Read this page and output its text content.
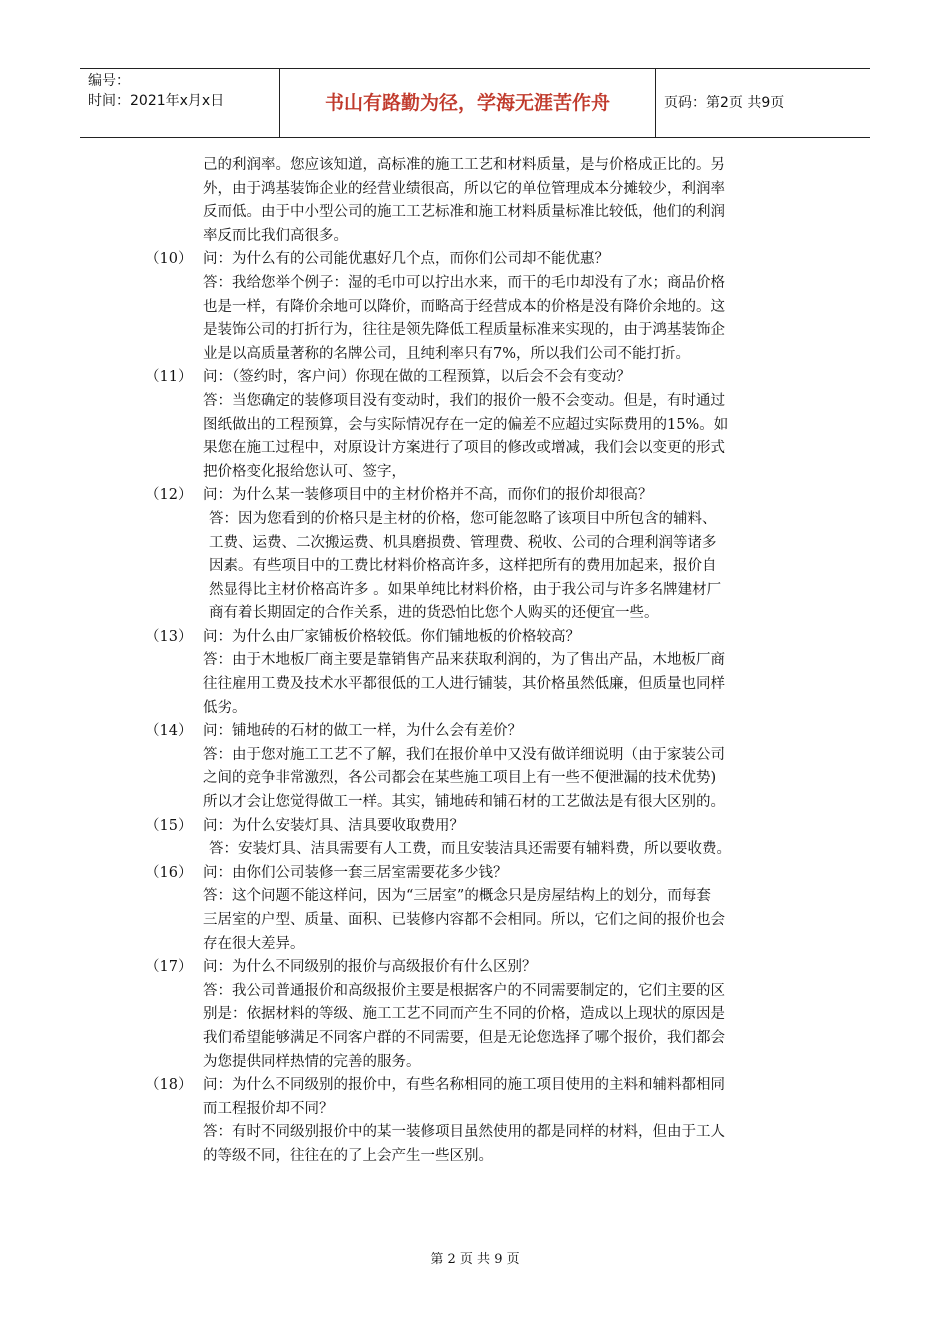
编号：
时间：2021年x月x日	书山有路勤为径，学海无涯苦作舟	页码：第2页 共9页

己的利润率。您应该知道，高标准的施工工艺和材料质量，是与价格成正比的。另

外，由于鸿基装饰企业的经营业绩很高，所以它的单位管理成本分摊较少，利润率

反而低。由于中小型公司的施工工艺标准和施工材料质量标准比较低，他们的利润

率反而比我们高很多。

（10） 问：为什么有的公司能优惠好几个点，而你们公司却不能优惠？

答：我给您举个例子：湿的毛巾可以拧出水来，而干的毛巾却没有了水；商品价格

也是一样，有降价余地可以降价，而略高于经营成本的价格是没有降价余地的。这

是装饰公司的打折行为，往往是领先降低工程质量标准来实现的，由于鸿基装饰企

业是以高质量著称的名牌公司，且纯利率只有7%，所以我们公司不能打折。

（11） 问：（签约时，客户问）你现在做的工程预算，以后会不会有变动？

答：当您确定的装修项目没有变动时，我们的报价一般不会变动。但是，有时通过

图纸做出的工程预算，会与实际情况存在一定的偏差不应超过实际费用的15%。如

果您在施工过程中，对原设计方案进行了项目的修改或增减，我们会以变更的形式

把价格变化报给您认可、签字，

（12） 问：为什么某一装修项目中的主材价格并不高，而你们的报价却很高？

答：因为您看到的价格只是主材的价格，您可能忽略了该项目中所包含的辅料、

工费、运费、二次搬运费、机具磨损费、管理费、税收、公司的合理利润等诸多

因素。有些项目中的工费比材料价格高许多，这样把所有的费用加起来，报价自

然显得比主材价格高许多 。如果单纯比材料价格，由于我公司与许多名牌建材厂

商有着长期固定的合作关系，进的货恐怕比您个人购买的还便宜一些。

（13） 问：为什么由厂家铺板价格较低。你们铺地板的价格较高？

答：由于木地板厂商主要是靠销售产品来获取利润的，为了售出产品，木地板厂商

往往雇用工费及技术水平都很低的工人进行铺装，其价格虽然低廉，但质量也同样

低劣。

（14） 问：铺地砖的石材的做工一样，为什么会有差价？

答：由于您对施工工艺不了解，我们在报价单中又没有做详细说明（由于家装公司

之间的竞争非常激烈，各公司都会在某些施工项目上有一些不便泄漏的技术优势)

所以才会让您觉得做工一样。其实，铺地砖和铺石材的工艺做法是有很大区别的。

（15） 问：为什么安装灯具、洁具要收取费用？

答：安装灯具、洁具需要有人工费，而且安装洁具还需要有辅料费，所以要收费。

（16） 问：由你们公司装修一套三居室需要花多少钱？

答：这个问题不能这样问，因为“三居室”的概念只是房屋结构上的划分，而每套

三居室的户型、质量、面积、已装修内容都不会相同。所以，它们之间的报价也会

存在很大差异。

（17） 问：为什么不同级别的报价与高级报价有什么区别？

答：我公司普通报价和高级报价主要是根据客户的不同需要制定的，它们主要的区

别是：依据材料的等级、施工工艺不同而产生不同的价格，造成以上现状的原因是

我们希望能够满足不同客户群的不同需要，但是无论您选择了哪个报价，我们都会

为您提供同样热情的完善的服务。

（18） 问：为什么不同级别的报价中，有些名称相同的施工项目使用的主料和辅料都相同

而工程报价却不同？

答：有时不同级别报价中的某一装修项目虽然使用的都是同样的材料，但由于工人

的等级不同，往往在的了上会产生一些区别。

第 2 页 共 9 页
